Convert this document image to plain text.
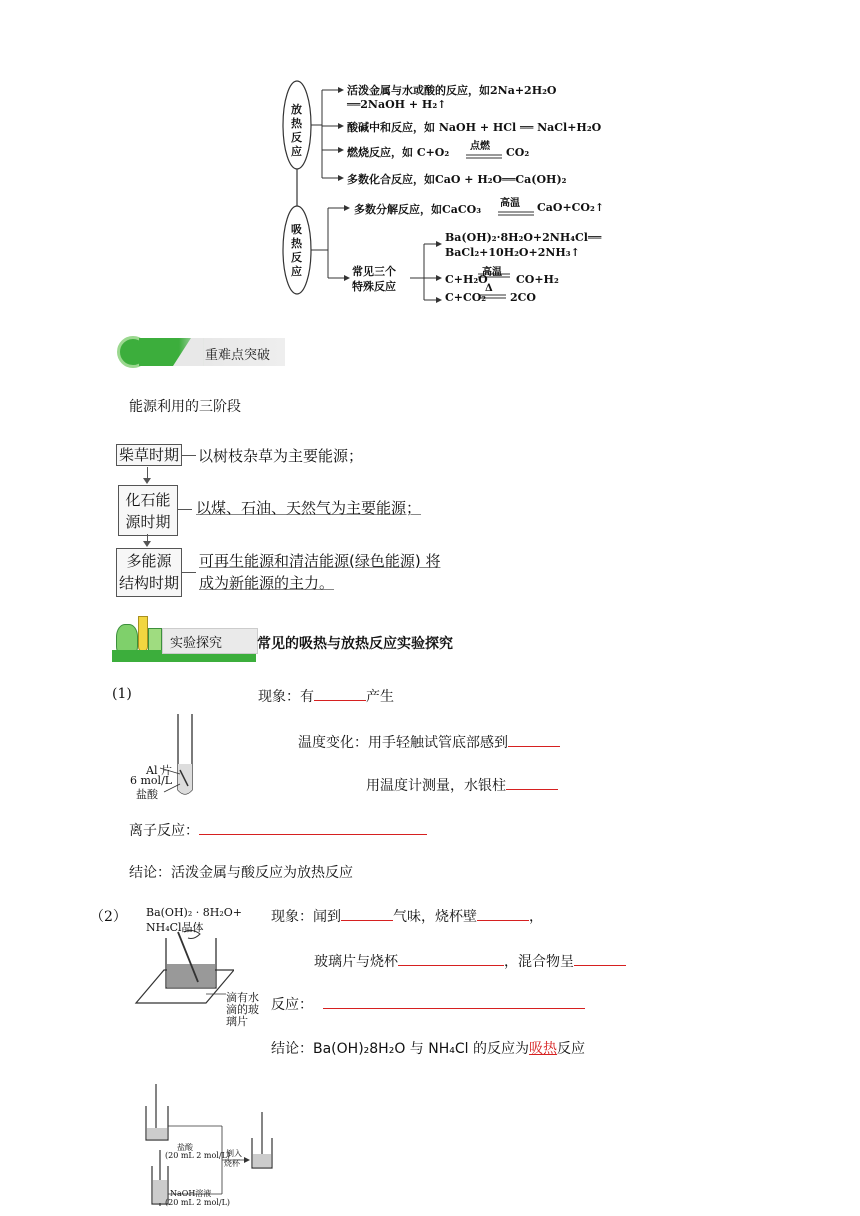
放
热
反
应
吸
热
反
应
活泼金属与水或酸的反应，如2Na+2H₂O
══2NaOH + H₂↑
酸碱中和反应，如 NaOH + HCl ══ NaCl+H₂O
燃烧反应，如 C+O₂ 点燃 CO₂
多数化合反应，如CaO + H₂O══Ca(OH)₂
多数分解反应，如CaCO₃ 高温 CaO+CO₂↑
常见三个
特殊反应
Ba(OH)₂·8H₂O+2NH₄Cl══
BaCl₂+10H₂O+2NH₃↑
C+H₂O
高温
CO+H₂
C+CO₂
Δ
2CO
重难点突破
能源利用的三阶段
柴草时期 以树枝杂草为主要能源；
化石能
源时期
以煤、石油、天然气为主要能源；
多能源
结构时期
可再生能源和清洁能源(绿色能源) 将
成为新能源的主力。
实验探究 常见的吸热与放热反应实验探究
(1)
Al 片
6 mol/L
盐酸
现象：有	产生
温度变化：用手轻触试管底部感到
用温度计测量，水银柱
离子反应：
结论：活泼金属与酸反应为放热反应
（2） Ba(OH)₂ · 8H₂O+
NH₄Cl晶体
滴有水
滴的玻
璃片
现象：闻到	气味，烧杯壁	，
玻璃片与烧杯	，混合物呈
反应：
结论：Ba(OH)₂8H₂O 与 NH₄Cl 的反应为吸热反应
盐酸
(20 mL 2 mol/L)
倒入
烧杯
NaOH溶液
(20 mL 2 mol/L)
